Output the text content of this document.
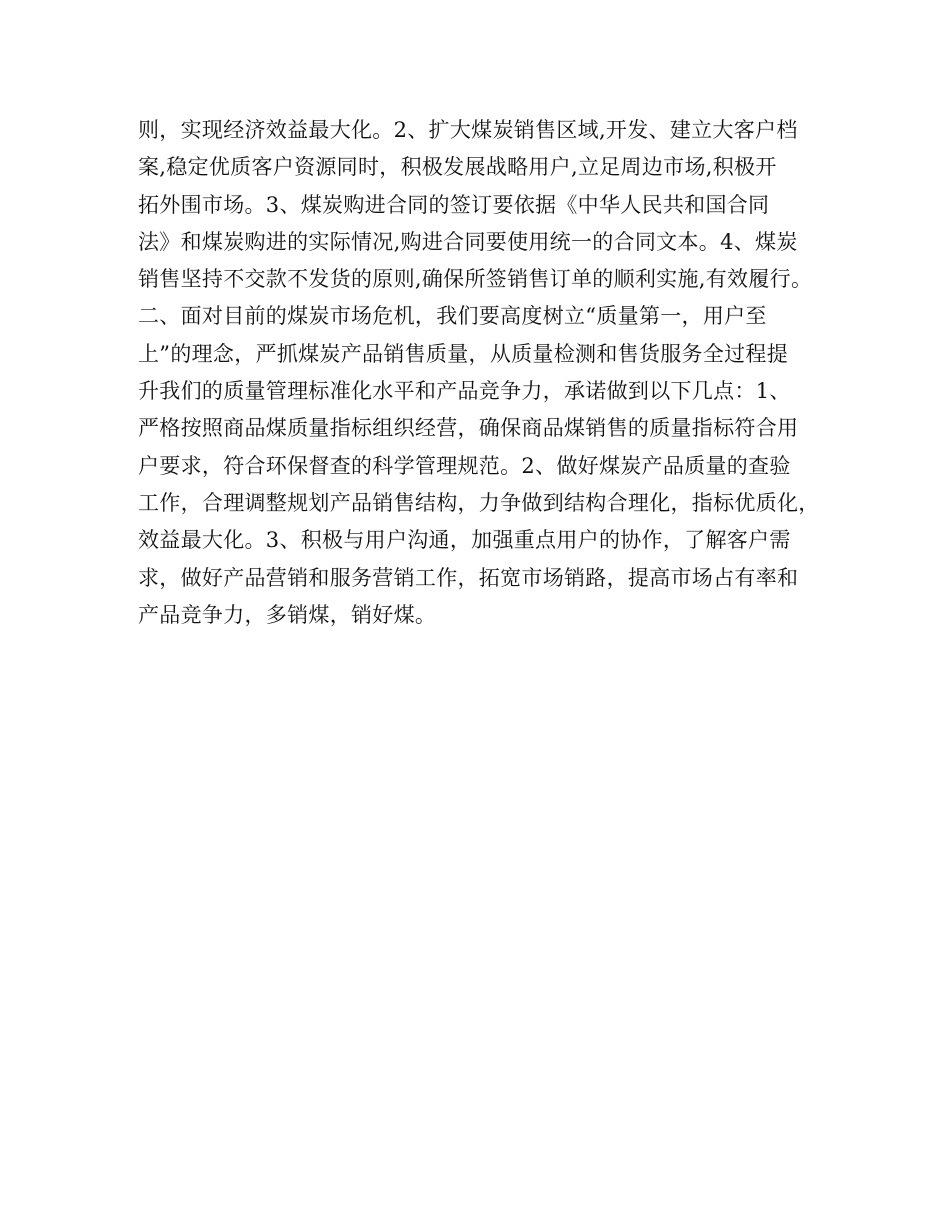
则，实现经济效益最大化。2、扩大煤炭销售区域,开发、建立大客户档
案,稳定优质客户资源同时，积极发展战略用户,立足周边市场,积极开
拓外围市场。3、煤炭购进合同的签订要依据《中华人民共和国合同
法》和煤炭购进的实际情况,购进合同要使用统一的合同文本。4、煤炭
销售坚持不交款不发货的原则,确保所签销售订单的顺利实施,有效履行。
二、面对目前的煤炭市场危机，我们要高度树立“质量第一，用户至
上”的理念，严抓煤炭产品销售质量，从质量检测和售货服务全过程提
升我们的质量管理标准化水平和产品竞争力，承诺做到以下几点：1、
严格按照商品煤质量指标组织经营，确保商品煤销售的质量指标符合用
户要求，符合环保督查的科学管理规范。2、做好煤炭产品质量的查验
工作，合理调整规划产品销售结构，力争做到结构合理化，指标优质化，
效益最大化。3、积极与用户沟通，加强重点用户的协作，了解客户需
求，做好产品营销和服务营销工作，拓宽市场销路，提高市场占有率和
产品竞争力，多销煤，销好煤。
